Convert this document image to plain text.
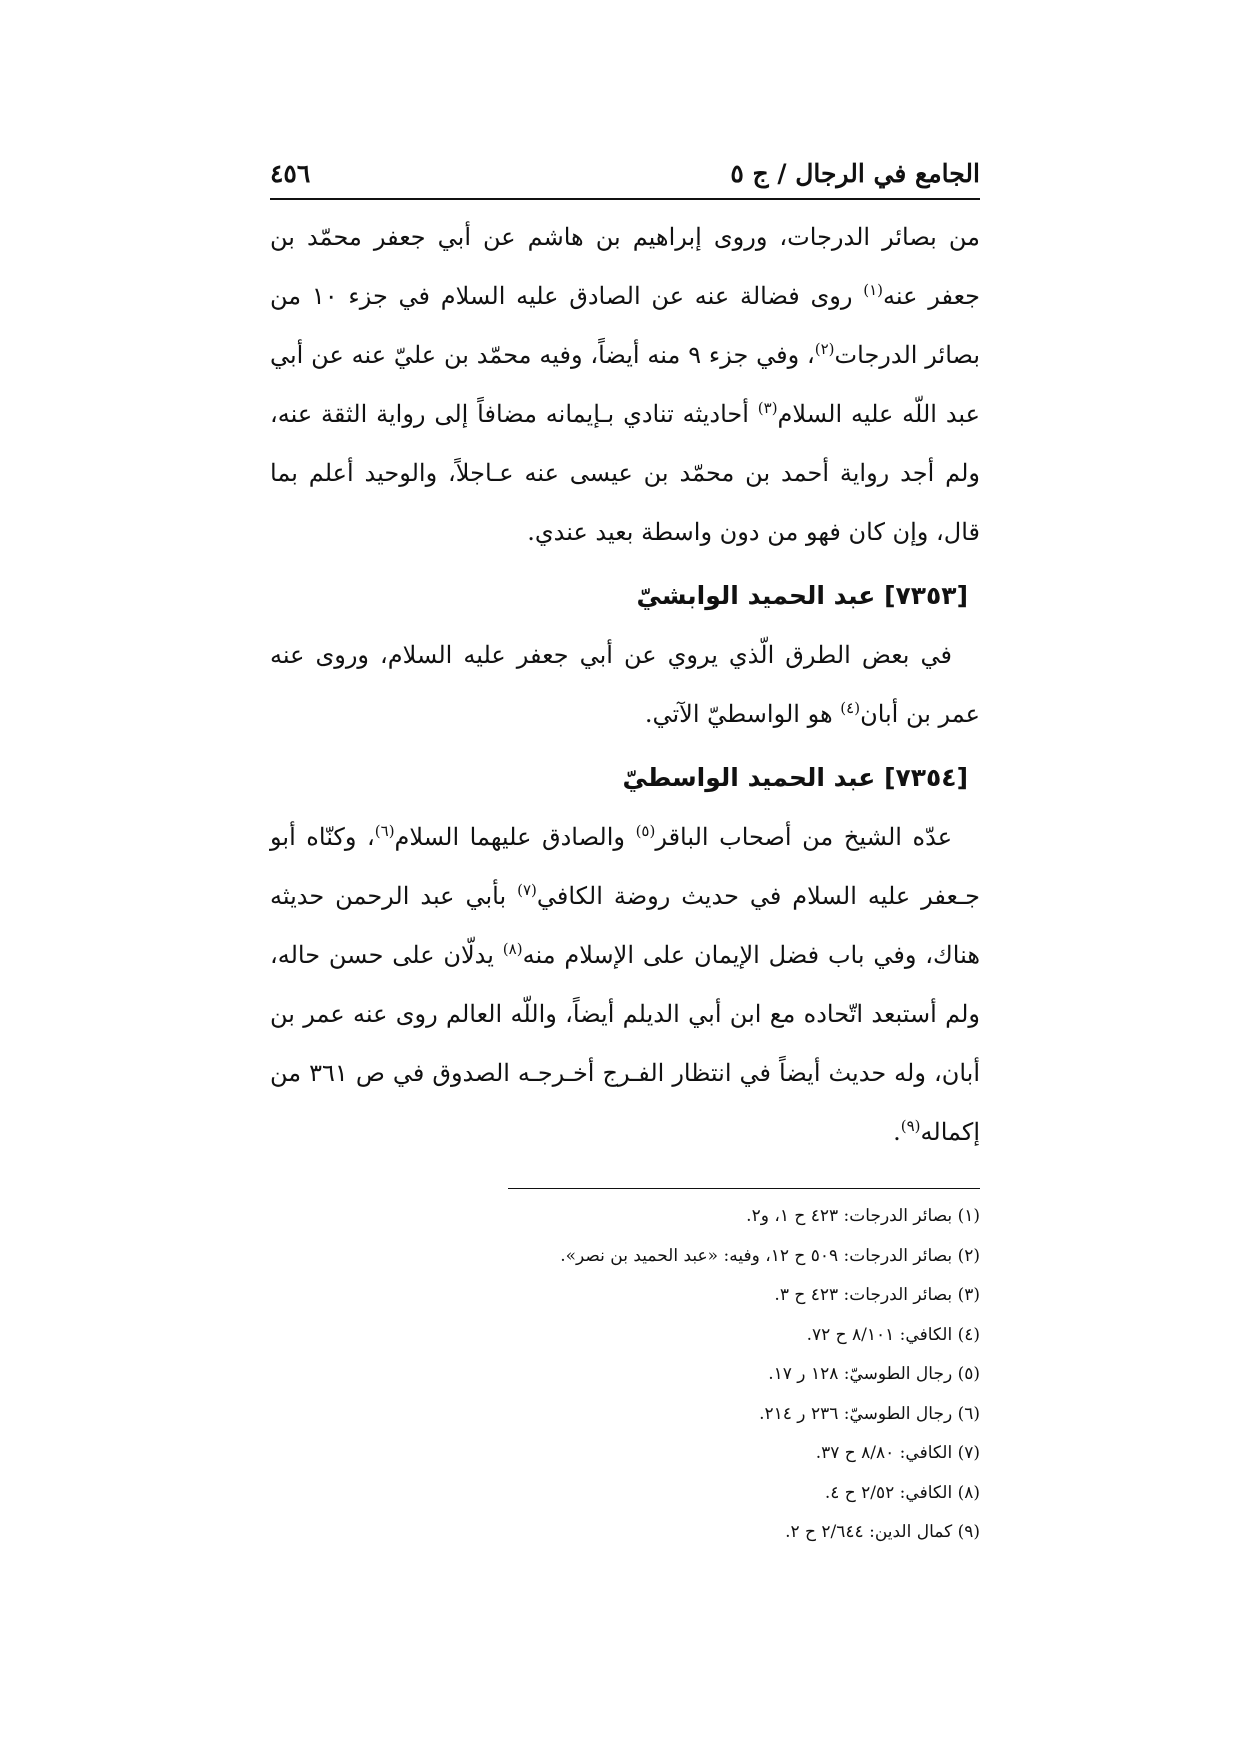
الجامع في الرجال / ج ٥
٤٥٦

من بصائر الدرجات، وروى إبراهيم بن هاشم عن أبي جعفر محمّد بن جعفر عنه$^{(١)}$ روى فضالة عنه عن الصادق عليه السلام في جزء ١٠ من بصائر الدرجات$^{(٢)}$، وفي جزء ٩ منه أيضاً، وفيه محمّد بن عليّ عنه عن أبي عبد اللّه عليه السلام$^{(٣)}$ أحاديثه تنادي بـإيمانه مضافاً إلى رواية الثقة عنه، ولم أجد رواية أحمد بن محمّد بن عيسى عنه عـاجلاً، والوحيد أعلم بما قال، وإن كان فهو من دون واسطة بعيد عندي.

[٧٣٥٣] عبد الحميد الوابشيّ

في بعض الطرق الّذي يروي عن أبي جعفر عليه السلام، وروى عنه عمر بن أبان$^{(٤)}$ هو الواسطيّ الآتي.

[٧٣٥٤] عبد الحميد الواسطيّ

عدّه الشيخ من أصحاب الباقر$^{(٥)}$ والصادق عليهما السلام$^{(٦)}$، وكنّاه أبو جـعفر عليه السلام في حديث روضة الكافي$^{(٧)}$ بأبي عبد الرحمن حديثه هناك، وفي باب فضل الإيمان على الإسلام منه$^{(٨)}$ يدلّان على حسن حاله، ولم أستبعد اتّحاده مع ابن أبي الديلم أيضاً، واللّه العالم روى عنه عمر بن أبان، وله حديث أيضاً في انتظار الفـرج أخـرجـه الصدوق في ص ٣٦١ من إكماله$^{(٩)}$.

(١) بصائر الدرجات: ٤٢٣ ح ١، و٢.
(٢) بصائر الدرجات: ٥٠٩ ح ١٢، وفيه: «عبد الحميد بن نصر».
(٣) بصائر الدرجات: ٤٢٣ ح ٣.
(٤) الكافي: ٨/١٠١ ح ٧٢.
(٥) رجال الطوسيّ: ١٢٨ ر ١٧.
(٦) رجال الطوسيّ: ٢٣٦ ر ٢١٤.
(٧) الكافي: ٨/٨٠ ح ٣٧.
(٨) الكافي: ٢/٥٢ ح ٤.
(٩) كمال الدين: ٢/٦٤٤ ح ٢.
